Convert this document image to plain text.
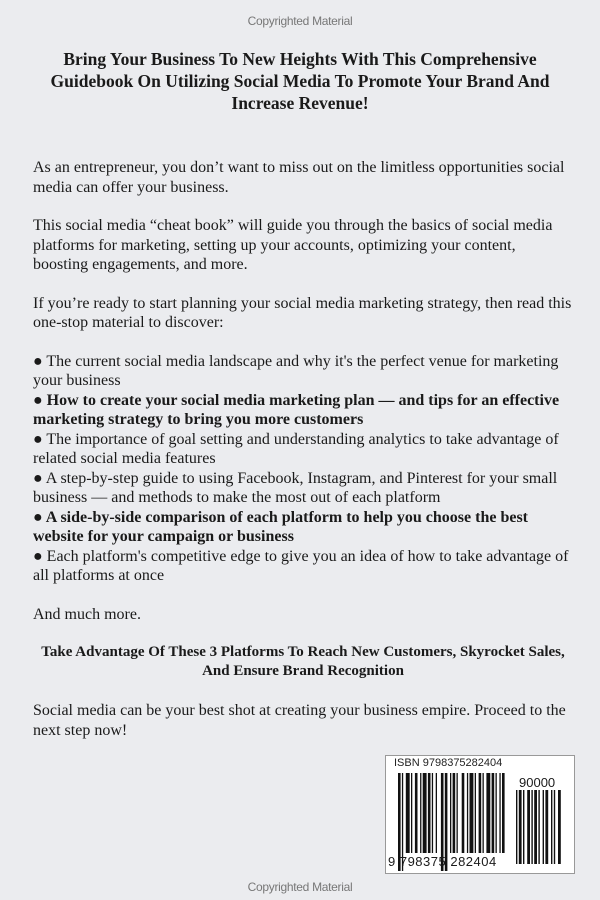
Copyrighted Material
Bring Your Business To New Heights With This Comprehensive Guidebook On Utilizing Social Media To Promote Your Brand And Increase Revenue!

As an entrepreneur, you don’t want to miss out on the limitless opportunities social media can offer your business.

This social media “cheat book” will guide you through the basics of social media platforms for marketing, setting up your accounts, optimizing your content, boosting engagements, and more.

If you’re ready to start planning your social media marketing strategy, then read this one-stop material to discover:

● The current social media landscape and why it's the perfect venue for marketing your business
● How to create your social media marketing plan — and tips for an effective marketing strategy to bring you more customers
● The importance of goal setting and understanding analytics to take advantage of related social media features
● A step-by-step guide to using Facebook, Instagram, and Pinterest for your small business — and methods to make the most out of each platform
● A side-by-side comparison of each platform to help you choose the best website for your campaign or business
● Each platform's competitive edge to give you an idea of how to take advantage of all platforms at once

And much more.

Take Advantage Of These 3 Platforms To Reach New Customers, Skyrocket Sales, And Ensure Brand Recognition

Social media can be your best shot at creating your business empire. Proceed to the next step now!

ISBN 9798375282404
90000
9 798375 282404
Copyrighted Material
